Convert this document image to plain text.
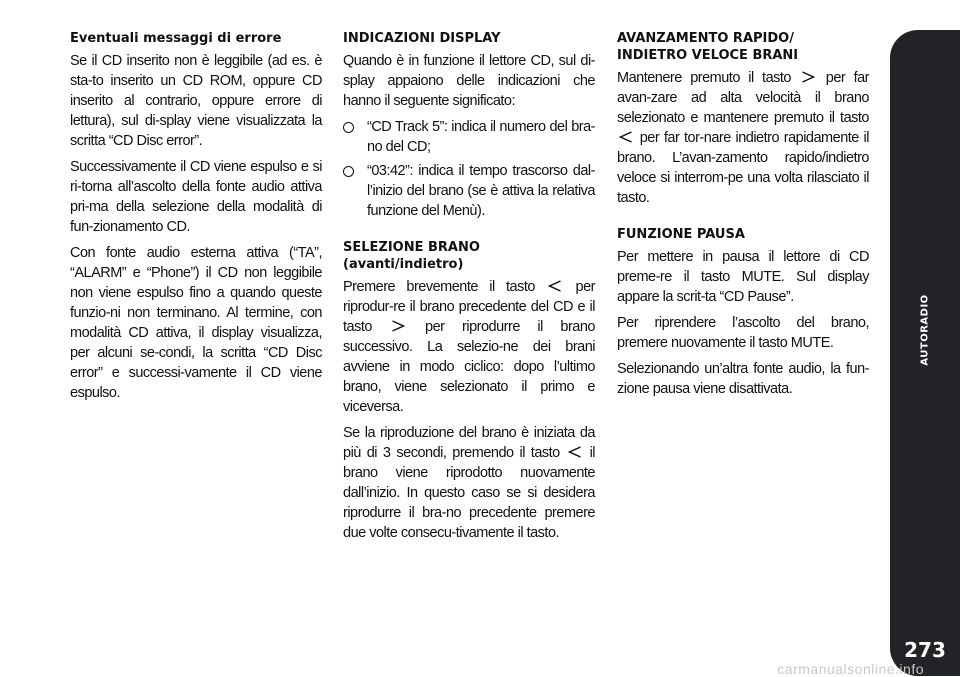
Eventuali messaggi di errore

Se il CD inserito non è leggibile (ad es. è sta-to inserito un CD ROM, oppure CD inserito al contrario, oppure errore di lettura), sul di-splay viene visualizzata la scritta “CD Disc error”.

Successivamente il CD viene espulso e si ri-torna all’ascolto della fonte audio attiva pri-ma della selezione della modalità di fun-zionamento CD.

Con fonte audio esterna attiva (“TA”, “ALARM” e “Phone”) il CD non leggibile non viene espulso fino a quando queste funzio-ni non terminano. Al termine, con modalità CD attiva, il display visualizza, per alcuni se-condi, la scritta “CD Disc error” e successi-vamente il CD viene espulso.

INDICAZIONI DISPLAY

Quando è in funzione il lettore CD, sul di-splay appaiono delle indicazioni che hanno il seguente significato:

“CD Track 5”: indica il numero del bra-no del CD;
“03:42”: indica il tempo trascorso dal-l’inizio del brano (se è attiva la relativa funzione del Menù).
SELEZIONE BRANO
(avanti/indietro)

Premere brevemente il tasto	per riprodur-re il brano precedente del CD e il tasto	per riprodurre il brano successivo. La selezio-ne dei brani avviene in modo ciclico: dopo l’ultimo brano, viene selezionato il primo e viceversa.

Se la riproduzione del brano è iniziata da più di 3 secondi, premendo il tasto il brano viene riprodotto nuovamente dall’inizio. In questo caso se si desidera riprodurre il bra-no precedente premere due volte consecu-tivamente il tasto.

AVANZAMENTO RAPIDO/
INDIETRO VELOCE BRANI

Mantenere premuto il tasto per far avan-zare ad alta velocità il brano selezionato e mantenere premuto il tasto  per far tor-nare indietro rapidamente il brano. L’avan-zamento rapido/indietro veloce si interrom-pe una volta rilasciato il tasto.

FUNZIONE PAUSA

Per mettere in pausa il lettore di CD preme-re il tasto MUTE. Sul display appare la scrit-ta “CD Pause”.

Per riprendere l’ascolto del brano, premere nuovamente il tasto MUTE.

Selezionando un’altra fonte audio, la fun-zione pausa viene disattivata.

AUTORADIO
273
carmanualsonline.info
